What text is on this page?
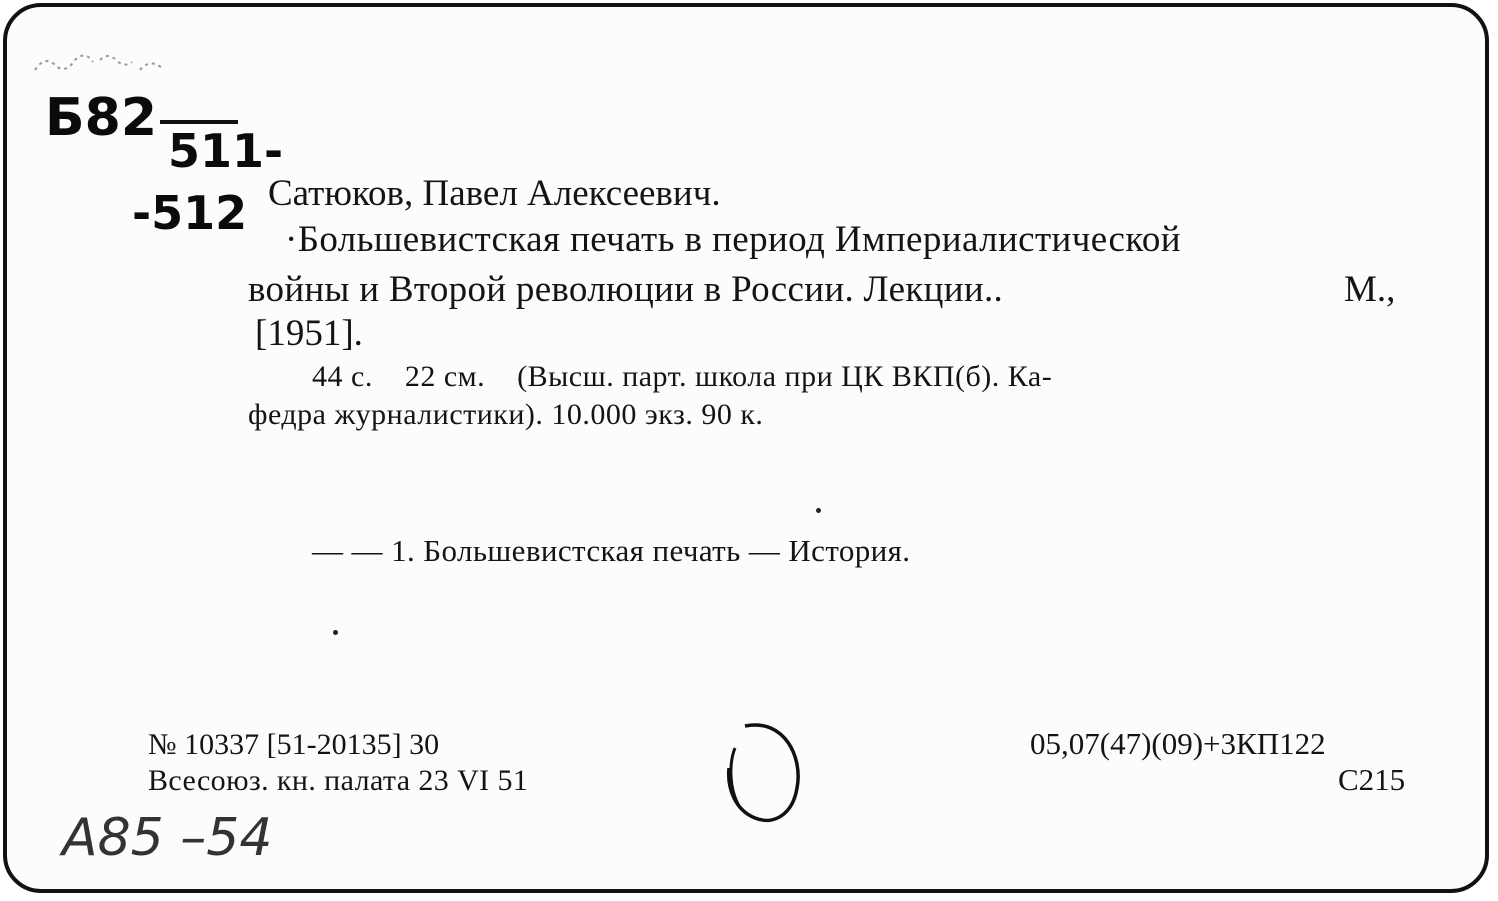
Б82
511-
-512 Сатюков, Павел Алексеевич.
·Большевистская печать в период Империалистической
войны и Второй революции в России. Лекции..	М.,
[1951].
44 с.    22 см.    (Высш. парт. школа при ЦК ВКП(б). Ка-
федра журналистики). 10.000 экз. 90 к.
— — 1. Большевистская печать — История.
№ 10337 [51-20135] 30
Всесоюз. кн. палата 23 VI 51
05,07(47)(09)+3КП122
С215
А85 –54
